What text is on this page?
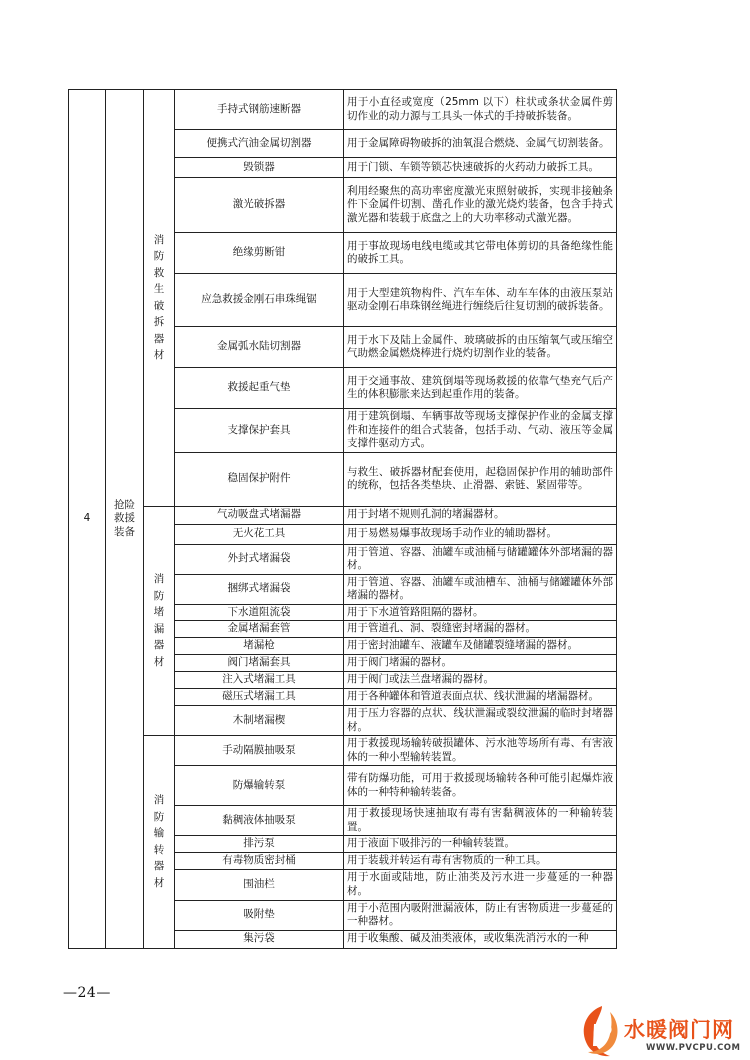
4	抢险救援装备	消防救生破拆器材	手持式钢筋速断器	用于小直径或宽度（25mm 以下）柱状或条状金属件剪切作业的动力源与工具头一体式的手持破拆装备。
			便携式汽油金属切割器	用于金属障碍物破拆的油氧混合燃烧、金属气切割装备。
			毁锁器	用于门锁、车锁等锁芯快速破拆的火药动力破拆工具。
			激光破拆器	利用经聚焦的高功率密度激光束照射破拆，实现非接触条件下金属件切割、凿孔作业的激光烧灼装备，包含手持式激光器和装载于底盘之上的大功率移动式激光器。
			绝缘剪断钳	用于事故现场电线电缆或其它带电体剪切的具备绝缘性能的破拆工具。
			应急救援金刚石串珠绳锯	用于大型建筑物构件、汽车车体、动车车体的由液压泵站驱动金刚石串珠钢丝绳进行缠绕后往复切割的破拆装备。
			金属弧水陆切割器	用于水下及陆上金属件、玻璃破拆的由压缩氧气或压缩空气助燃金属燃烧棒进行烧灼切割作业的装备。
			救援起重气垫	用于交通事故、建筑倒塌等现场救援的依靠气垫充气后产生的体积膨胀来达到起重作用的装备。
			支撑保护套具	用于建筑倒塌、车辆事故等现场支撑保护作业的金属支撑件和连接件的组合式装备，包括手动、气动、液压等金属支撑件驱动方式。
			稳固保护附件	与救生、破拆器材配套使用，起稳固保护作用的辅助部件的统称，包括各类垫块、止滑器、索链、紧固带等。
		消防堵漏器材	气动吸盘式堵漏器	用于封堵不规则孔洞的堵漏器材。
			无火花工具	用于易燃易爆事故现场手动作业的辅助器材。
			外封式堵漏袋	用于管道、容器、油罐车或油桶与储罐罐体外部堵漏的器材。
			捆绑式堵漏袋	用于管道、容器、油罐车或油槽车、油桶与储罐罐体外部堵漏的器材。
			下水道阻流袋	用于下水道管路阻隔的器材。
			金属堵漏套管	用于管道孔、洞、裂缝密封堵漏的器材。
			堵漏枪	用于密封油罐车、液罐车及储罐裂缝堵漏的器材。
			阀门堵漏套具	用于阀门堵漏的器材。
			注入式堵漏工具	用于阀门或法兰盘堵漏的器材。
			磁压式堵漏工具	用于各种罐体和管道表面点状、线状泄漏的堵漏器材。
			木制堵漏楔	用于压力容器的点状、线状泄漏或裂纹泄漏的临时封堵器材。
		消防输转器材	手动隔膜抽吸泵	用于救援现场输转破损罐体、污水池等场所有毒、有害液体的一种小型输转装置。
			防爆输转泵	带有防爆功能，可用于救援现场输转各种可能引起爆炸液体的一种特种输转装备。
			黏稠液体抽吸泵	用于救援现场快速抽取有毒有害黏稠液体的一种输转装置。
			排污泵	用于液面下吸排污的一种输转装置。
			有毒物质密封桶	用于装载并转运有毒有害物质的一种工具。
			围油栏	用于水面或陆地，防止油类及污水进一步蔓延的一种器材。
			吸附垫	用于小范围内吸附泄漏液体，防止有害物质进一步蔓延的一种器材。
			集污袋	用于收集酸、碱及油类液体，或收集洗消污水的一种
—24—
水暖阀门网
WWW.PVCPU.COM
